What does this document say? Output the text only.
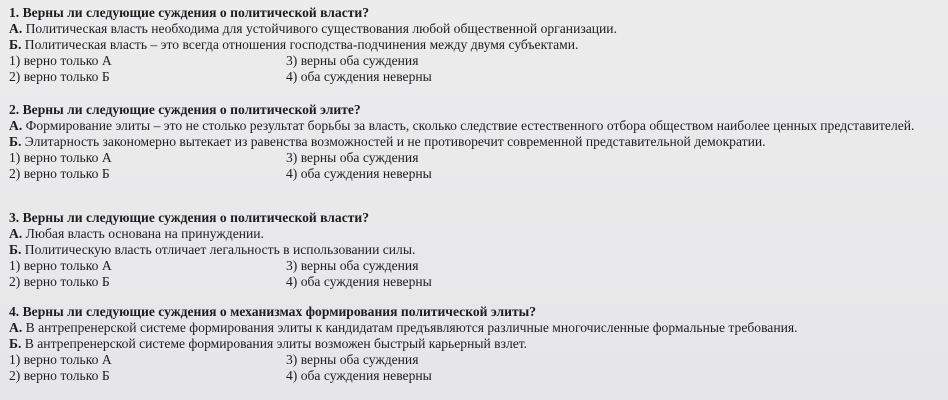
1. Верны ли следующие суждения о политической власти?

А. Политическая власть необходима для устойчивого существования любой общественной организации.

Б. Политическая власть – это всегда отношения господства-подчинения между двумя субъектами.

1) верно только А	3) верны оба суждения
2) верно только Б	4) оба суждения неверны

2. Верны ли следующие суждения о политической элите?

А. Формирование элиты – это не столько результат борьбы за власть, сколько следствие естественного отбора обществом наиболее ценных представителей.

Б. Элитарность закономерно вытекает из равенства возможностей и не противоречит современной представительной демократии.

1) верно только А	3) верны оба суждения
2) верно только Б	4) оба суждения неверны

3. Верны ли следующие суждения о политической власти?

А. Любая власть основана на принуждении.

Б. Политическую власть отличает легальность в использовании силы.

1) верно только А	3) верны оба суждения
2) верно только Б	4) оба суждения неверны

4. Верны ли следующие суждения о механизмах формирования политической элиты?

А. В антрепренерской системе формирования элиты к кандидатам предъявляются различные многочисленные формальные требования.

Б. В антрепренерской системе формирования элиты возможен быстрый карьерный взлет.

1) верно только А	3) верны оба суждения
2) верно только Б	4) оба суждения неверны
